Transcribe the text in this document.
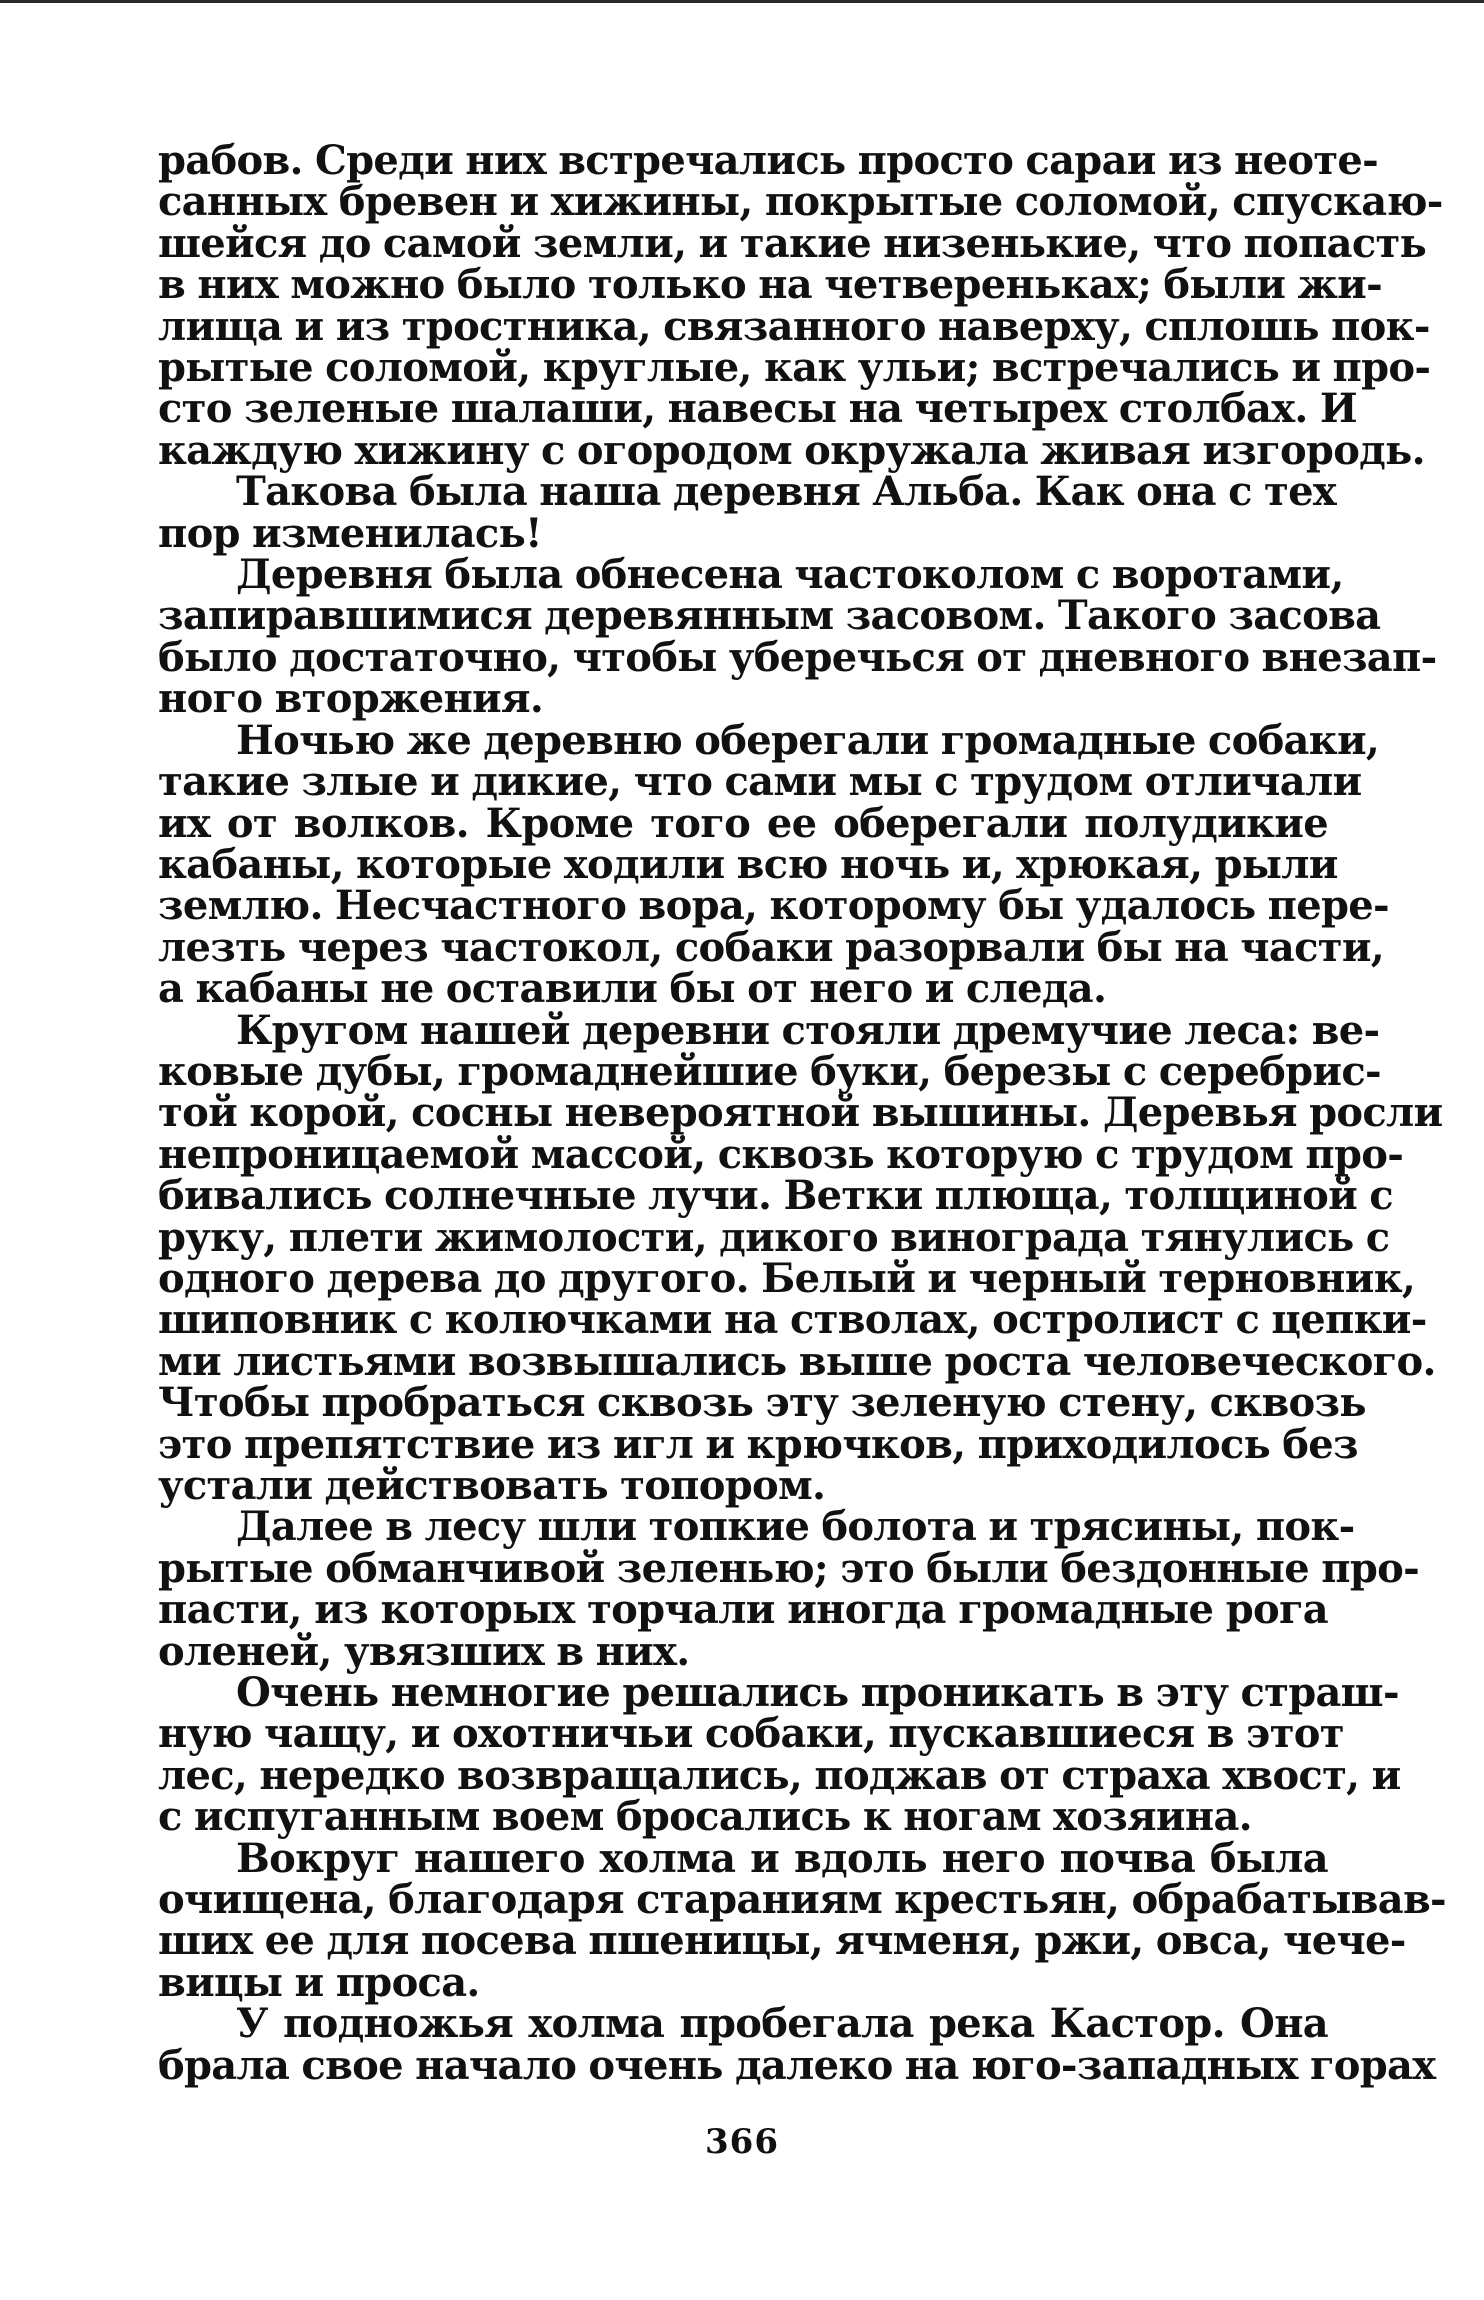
рабов. Среди них встречались просто сараи из неоте-
санных бревен и хижины, покрытые соломой, спускаю-
шейся до самой земли, и такие низенькие, что попасть
в них можно было только на четвереньках; были жи-
лища и из тростника, связанного наверху, сплошь пок-
рытые соломой, круглые, как ульи; встречались и про-
сто зеленые шалаши, навесы на четырех столбах. И
каждую хижину с огородом окружала живая изгородь.

Такова была наша деревня Альба. Как она с тех
пор изменилась!

Деревня была обнесена частоколом с воротами,
запиравшимися деревянным засовом. Такого засова
было достаточно, чтобы уберечься от дневного внезап-
ного вторжения.

Ночью же деревню оберегали громадные собаки,
такие злые и дикие, что сами мы с трудом отличали
их от волков. Кроме того ее оберегали полудикие
кабаны, которые ходили всю ночь и, хрюкая, рыли
землю. Несчастного вора, которому бы удалось пере-
лезть через частокол, собаки разорвали бы на части,
а кабаны не оставили бы от него и следа.

Кругом нашей деревни стояли дремучие леса: ве-
ковые дубы, громаднейшие буки, березы с серебрис-
той корой, сосны невероятной вышины. Деревья росли
непроницаемой массой, сквозь которую с трудом про-
бивались солнечные лучи. Ветки плюща, толщиной с
руку, плети жимолости, дикого винограда тянулись с
одного дерева до другого. Белый и черный терновник,
шиповник с колючками на стволах, остролист с цепки-
ми листьями возвышались выше роста человеческого.
Чтобы пробраться сквозь эту зеленую стену, сквозь
это препятствие из игл и крючков, приходилось без
устали действовать топором.

Далее в лесу шли топкие болота и трясины, пок-
рытые обманчивой зеленью; это были бездонные про-
пасти, из которых торчали иногда громадные рога
оленей, увязших в них.

Очень немногие решались проникать в эту страш-
ную чащу, и охотничьи собаки, пускавшиеся в этот
лес, нередко возвращались, поджав от страха хвост, и
с испуганным воем бросались к ногам хозяина.

Вокруг нашего холма и вдоль него почва была
очищена, благодаря стараниям крестьян, обрабатывав-
ших ее для посева пшеницы, ячменя, ржи, овса, чече-
вицы и проса.

У подножья холма пробегала река Кастор. Она
брала свое начало очень далеко на юго-западных горах

366
